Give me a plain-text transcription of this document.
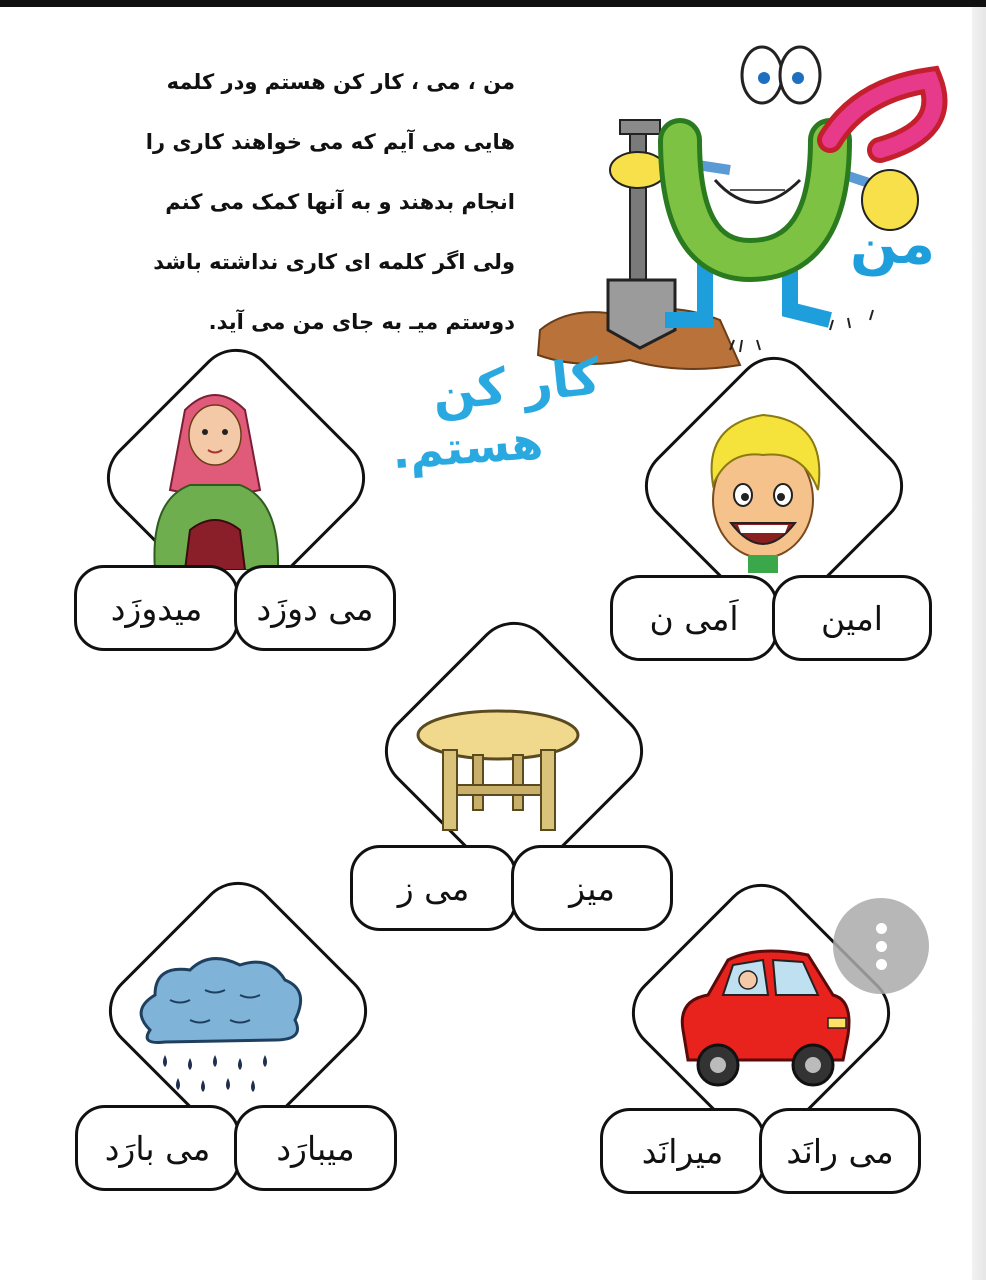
من ، می ، کار کن هستم ودر کلمه
هایی می آیم که می خواهند کاری را
انجام بدهند و به آنها کمک می کنم
ولی اگر کلمه ای کاری نداشته باشد
دوستم میـ به جای من می آید.
من
کار کن
هستم.
میدوزَد	می دوزَد	اَمی ن	امین
می ز	میز
می بارَد	میبارَد	میرانَد	می رانَد
